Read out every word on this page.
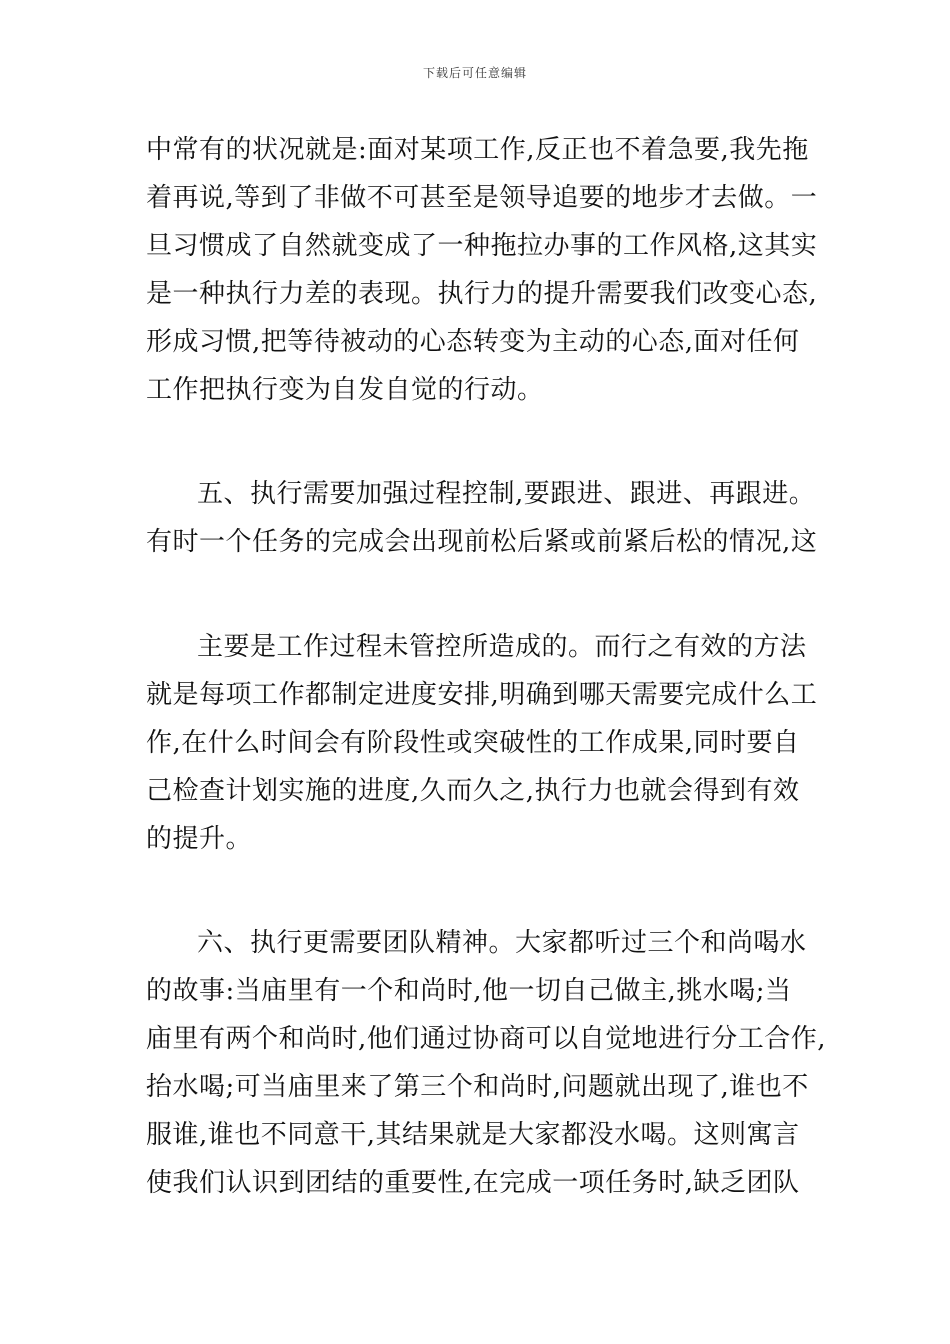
下载后可任意编辑
中常有的状况就是:面对某项工作,反正也不着急要,我先拖
着再说,等到了非做不可甚至是领导追要的地步才去做。一
旦习惯成了自然就变成了一种拖拉办事的工作风格,这其实
是一种执行力差的表现。执行力的提升需要我们改变心态,
形成习惯,把等待被动的心态转变为主动的心态,面对任何
工作把执行变为自发自觉的行动。
五、执行需要加强过程控制,要跟进、跟进、再跟进。
有时一个任务的完成会出现前松后紧或前紧后松的情况,这
主要是工作过程未管控所造成的。而行之有效的方法
就是每项工作都制定进度安排,明确到哪天需要完成什么工
作,在什么时间会有阶段性或突破性的工作成果,同时要自
己检查计划实施的进度,久而久之,执行力也就会得到有效
的提升。
六、执行更需要团队精神。大家都听过三个和尚喝水
的故事:当庙里有一个和尚时,他一切自己做主,挑水喝;当
庙里有两个和尚时,他们通过协商可以自觉地进行分工合作,
抬水喝;可当庙里来了第三个和尚时,问题就出现了,谁也不
服谁,谁也不同意干,其结果就是大家都没水喝。这则寓言
使我们认识到团结的重要性,在完成一项任务时,缺乏团队
